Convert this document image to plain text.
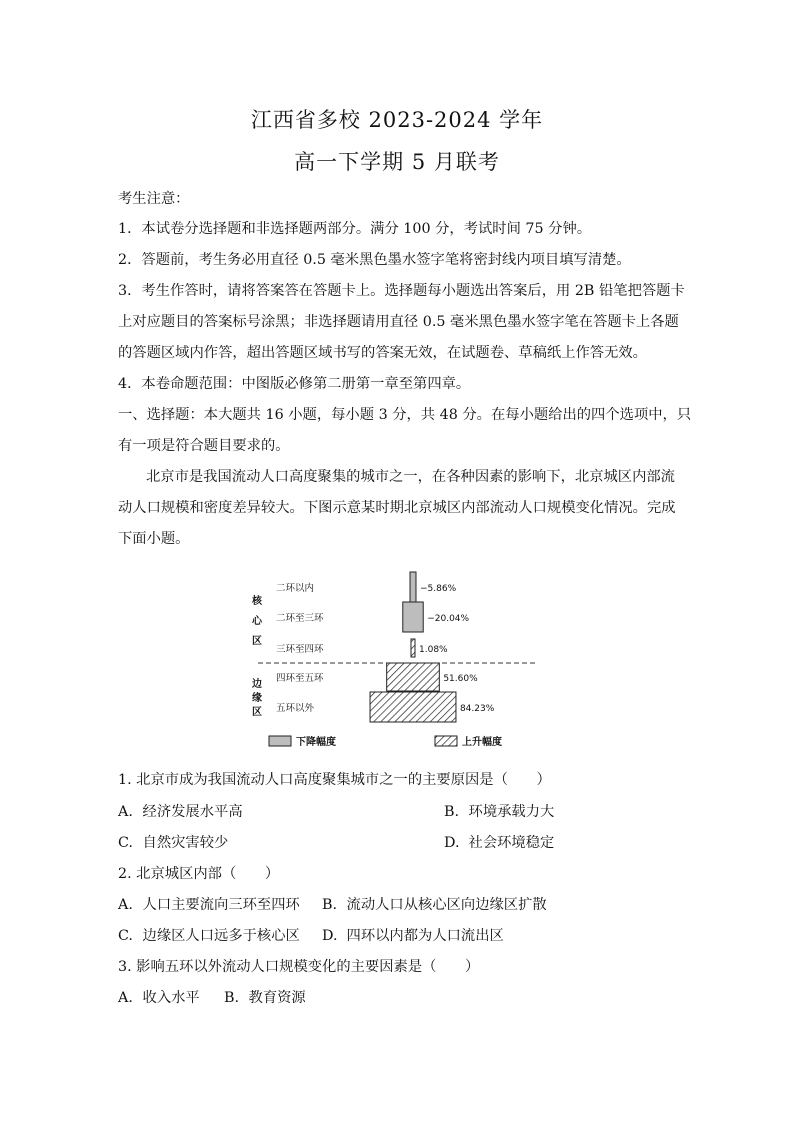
江西省多校 2023-2024 学年
高一下学期 5 月联考
考生注意：
1．本试卷分选择题和非选择题两部分。满分 100 分，考试时间 75 分钟。
2．答题前，考生务必用直径 0.5 毫米黑色墨水签字笔将密封线内项目填写清楚。
3．考生作答时，请将答案答在答题卡上。选择题每小题选出答案后，用 2B 铅笔把答题卡
上对应题目的答案标号涂黑；非选择题请用直径 0.5 毫米黑色墨水签字笔在答题卡上各题
的答题区域内作答，超出答题区域书写的答案无效，在试题卷、草稿纸上作答无效。
4．本卷命题范围：中图版必修第二册第一章至第四章。
一、选择题：本大题共 16 小题，每小题 3 分，共 48 分。在每小题给出的四个选项中，只
有一项是符合题目要求的。
北京市是我国流动人口高度聚集的城市之一，在各种因素的影响下，北京城区内部流
动人口规模和密度差异较大。下图示意某时期北京城区内部流动人口规模变化情况。完成
下面小题。
二环以内
二环至三环
三环至四环
四环至五环
五环以外
核
心
区
边
缘
区
−5.86%
−20.04%
1.08%
51.60%
84.23%
下降幅度	上升幅度
1. 北京市成为我国流动人口高度聚集城市之一的主要原因是（　　）
A. 经济发展水平高	B. 环境承载力大
C. 自然灾害较少	D. 社会环境稳定
2. 北京城区内部（　　）
A. 人口主要流向三环至四环 B. 流动人口从核心区向边缘区扩散
C. 边缘区人口远多于核心区 D. 四环以内都为人口流出区
3. 影响五环以外流动人口规模变化的主要因素是（　　）
A. 收入水平 B. 教育资源
